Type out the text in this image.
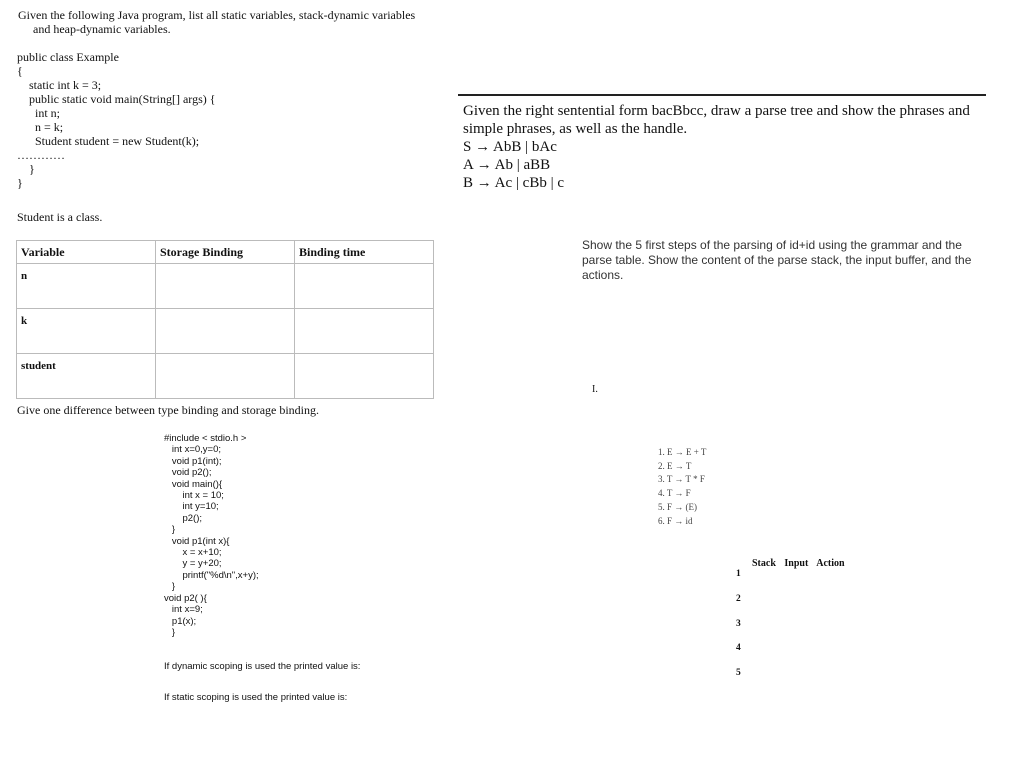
Given the following Java program, list all static variables, stack-dynamic variables
and heap-dynamic variables.
public class Example
{
static int k = 3;
public static void main(String[] args) {
int n;
n = k;
Student student = new Student(k);
…………
}
}
Student is a class.
Variable	Storage Binding	Binding time
n		
k		
student		
Give one difference between type binding and storage binding.
#include < stdio.h >
int x=0,y=0;
void p1(int);
void p2();
void main(){
int x = 10;
int y=10;
p2();
}
void p1(int x){
x = x+10;
y = y+20;
printf("%d\n",x+y);
}
void p2( ){
int x=9;
p1(x);
}
If dynamic scoping is used the printed value is:
If static scoping is used the printed value is:
Given the right sentential form bacBbcc, draw a parse tree and show the phrases and simple phrases, as well as the handle.
S → AbB | bAc
A → Ab | aBB
B → Ac | cBb | c
Show the 5 first steps of the parsing of id+id using the grammar and the parse table. Show the content of the parse stack, the input buffer, and the actions.
I.
1. E → E + T
2. E → T
3. T → T * F
4. T → F
5. F → (E)
6. F → id
Stack Input Action
1
2
3
4
5
